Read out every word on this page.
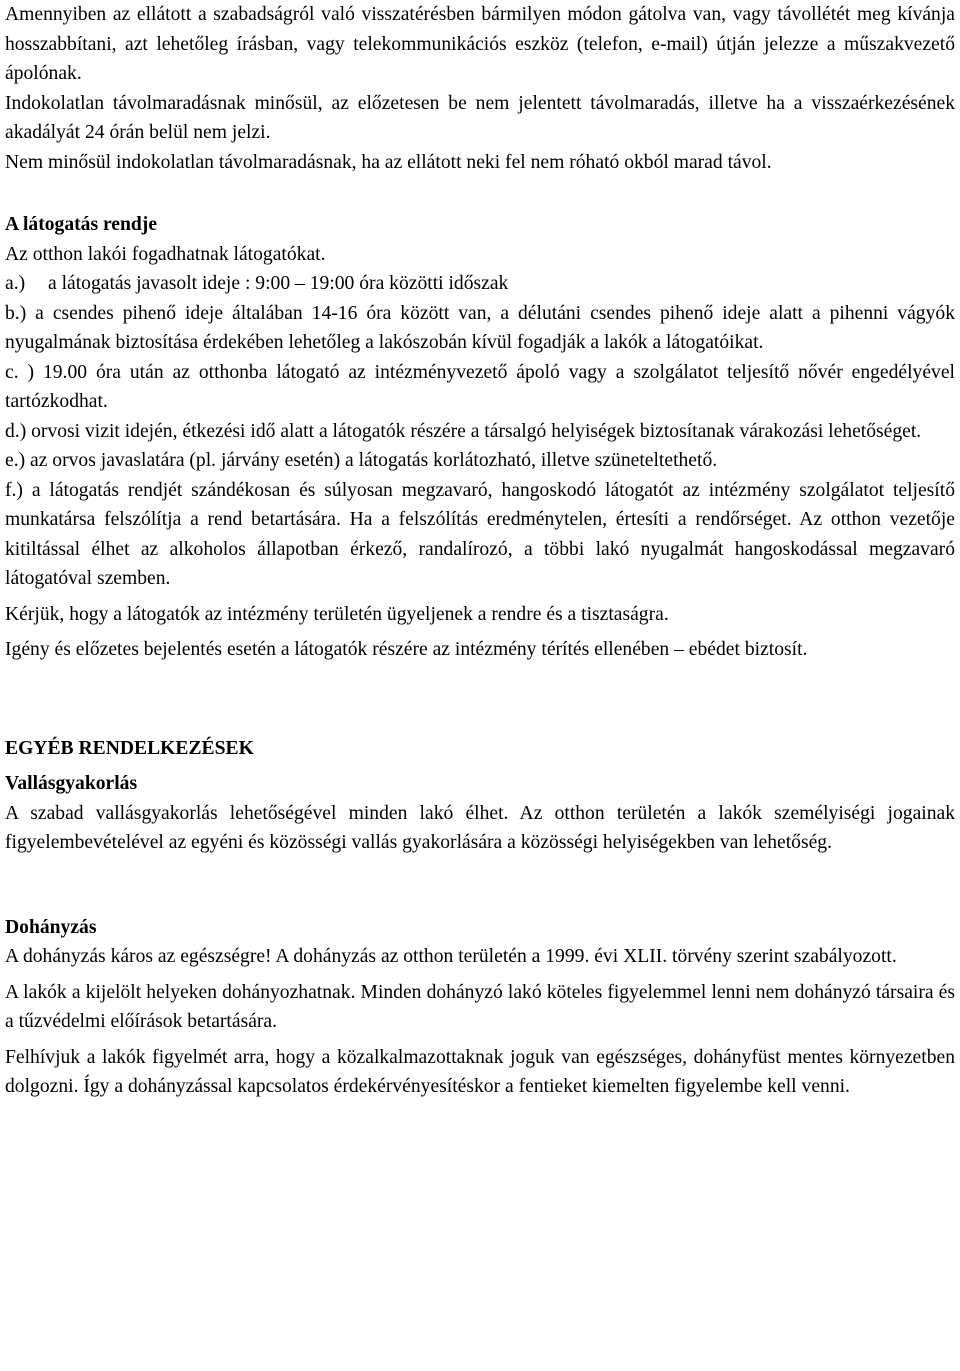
Amennyiben az ellátott a szabadságról való visszatérésben bármilyen módon gátolva van, vagy távollétét meg kívánja hosszabbítani, azt lehetőleg írásban, vagy telekommunikációs eszköz (telefon, e-mail) útján jelezze a műszakvezető ápolónak.

Indokolatlan távolmaradásnak minősül, az előzetesen be nem jelentett távolmaradás, illetve ha a visszaérkezésének akadályát 24 órán belül nem jelzi.

Nem minősül indokolatlan távolmaradásnak, ha az ellátott neki fel nem róható okból marad távol.

A látogatás rendje

Az otthon lakói fogadhatnak látogatókat.

a.)	a látogatás javasolt ideje : 9:00 – 19:00 óra közötti időszak

b.) a csendes pihenő ideje általában 14-16 óra között van, a délutáni csendes pihenő ideje alatt a pihenni vágyók nyugalmának biztosítása érdekében lehetőleg a lakószobán kívül fogadják a lakók a látogatóikat.

c. ) 19.00 óra után az otthonba látogató az intézményvezető ápoló vagy a szolgálatot teljesítő nővér engedélyével tartózkodhat.

d.) orvosi vizit idején, étkezési idő alatt a látogatók részére a társalgó helyiségek biztosítanak várakozási lehetőséget.

e.) az orvos javaslatára (pl. járvány esetén) a látogatás korlátozható, illetve szüneteltethető.

f.) a látogatás rendjét szándékosan és súlyosan megzavaró, hangoskodó látogatót az intézmény szolgálatot teljesítő munkatársa felszólítja a rend betartására. Ha a felszólítás eredménytelen, értesíti a rendőrséget. Az otthon vezetője kitiltással élhet az alkoholos állapotban érkező, randalírozó, a többi lakó nyugalmát hangoskodással megzavaró látogatóval szemben.

Kérjük, hogy a látogatók az intézmény területén ügyeljenek a rendre és a tisztaságra.

Igény és előzetes bejelentés esetén a látogatók részére az intézmény térítés ellenében – ebédet biztosít.

EGYÉB RENDELKEZÉSEK
Vallásgyakorlás

A szabad vallásgyakorlás lehetőségével minden lakó élhet. Az otthon területén a lakók személyiségi jogainak figyelembevételével az egyéni és közösségi vallás gyakorlására a közösségi helyiségekben van lehetőség.

Dohányzás

A dohányzás káros az egészségre! A dohányzás az otthon területén a 1999. évi XLII. törvény szerint szabályozott.

A lakók a kijelölt helyeken dohányozhatnak. Minden dohányzó lakó köteles figyelemmel lenni nem dohányzó társaira és a tűzvédelmi előírások betartására.

Felhívjuk a lakók figyelmét arra, hogy a közalkalmazottaknak joguk van egészséges, dohányfüst mentes környezetben dolgozni. Így a dohányzással kapcsolatos érdekérvényesítéskor a fentieket kiemelten figyelembe kell venni.
